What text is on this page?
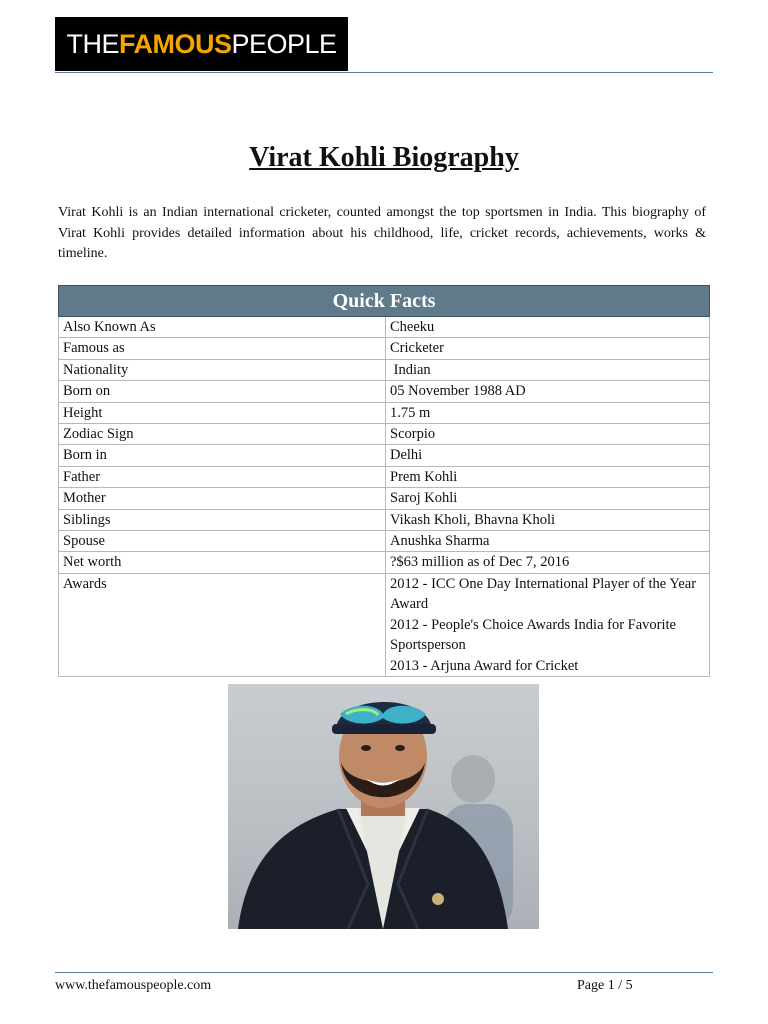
THE FAMOUS PEOPLE
Virat Kohli Biography

Virat Kohli is an Indian international cricketer, counted amongst the top sportsmen in India. This biography of Virat Kohli provides detailed information about his childhood, life, cricket records, achievements, works & timeline.

Quick Facts	
Also Known As	Cheeku
Famous as	Cricketer
Nationality	Indian
Born on	05 November 1988 AD
Height	1.75 m
Zodiac Sign	Scorpio
Born in	Delhi
Father	Prem Kohli
Mother	Saroj Kohli
Siblings	Vikash Kholi, Bhavna Kholi
Spouse	Anushka Sharma
Net worth	?$63 million as of Dec 7, 2016
Awards	2012 - ICC One Day International Player of the Year Award
2012 - People's Choice Awards India for Favorite Sportsperson
2013 - Arjuna Award for Cricket
www.thefamouspeople.com	Page 1 / 5
